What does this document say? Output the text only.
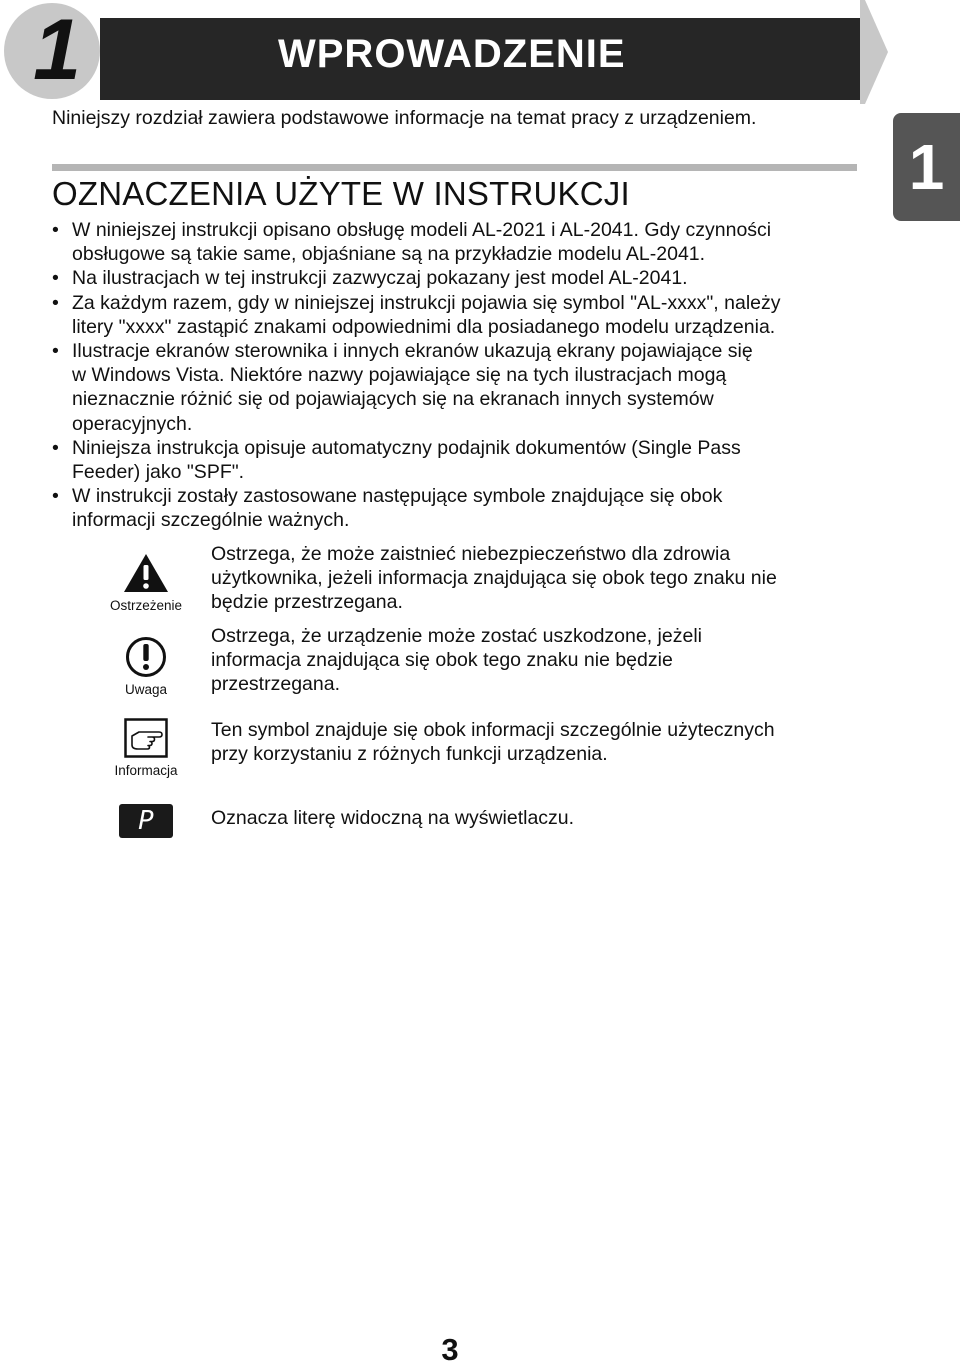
1	WPROWADZENIE
Niniejszy rozdział zawiera podstawowe informacje na temat pracy z urządzeniem.
1
OZNACZENIA UŻYTE W INSTRUKCJI
• W niniejszej instrukcji opisano obsługę modeli AL-2021 i AL-2041. Gdy czynności
obsługowe są takie same, objaśniane są na przykładzie modelu AL-2041.
• Na ilustracjach w tej instrukcji zazwyczaj pokazany jest model AL-2041.
• Za każdym razem, gdy w niniejszej instrukcji pojawia się symbol "AL-xxxx", należy
litery "xxxx" zastąpić znakami odpowiednimi dla posiadanego modelu urządzenia.
• Ilustracje ekranów sterownika i innych ekranów ukazują ekrany pojawiające się
w Windows Vista. Niektóre nazwy pojawiające się na tych ilustracjach mogą
nieznacznie różnić się od pojawiających się na ekranach innych systemów
operacyjnych.
• Niniejsza instrukcja opisuje automatyczny podajnik dokumentów (Single Pass
Feeder) jako "SPF".
• W instrukcji zostały zastosowane następujące symbole znajdujące się obok
informacji szczególnie ważnych.
Ostrzeżenie
Ostrzega, że może zaistnieć niebezpieczeństwo dla zdrowia
użytkownika, jeżeli informacja znajdująca się obok tego znaku nie
będzie przestrzegana.
Uwaga
Ostrzega, że urządzenie może zostać uszkodzone, jeżeli
informacja znajdująca się obok tego znaku nie będzie
przestrzegana.
Informacja
Ten symbol znajduje się obok informacji szczególnie użytecznych
przy korzystaniu z różnych funkcji urządzenia.
P	Oznacza literę widoczną na wyświetlaczu.
3
